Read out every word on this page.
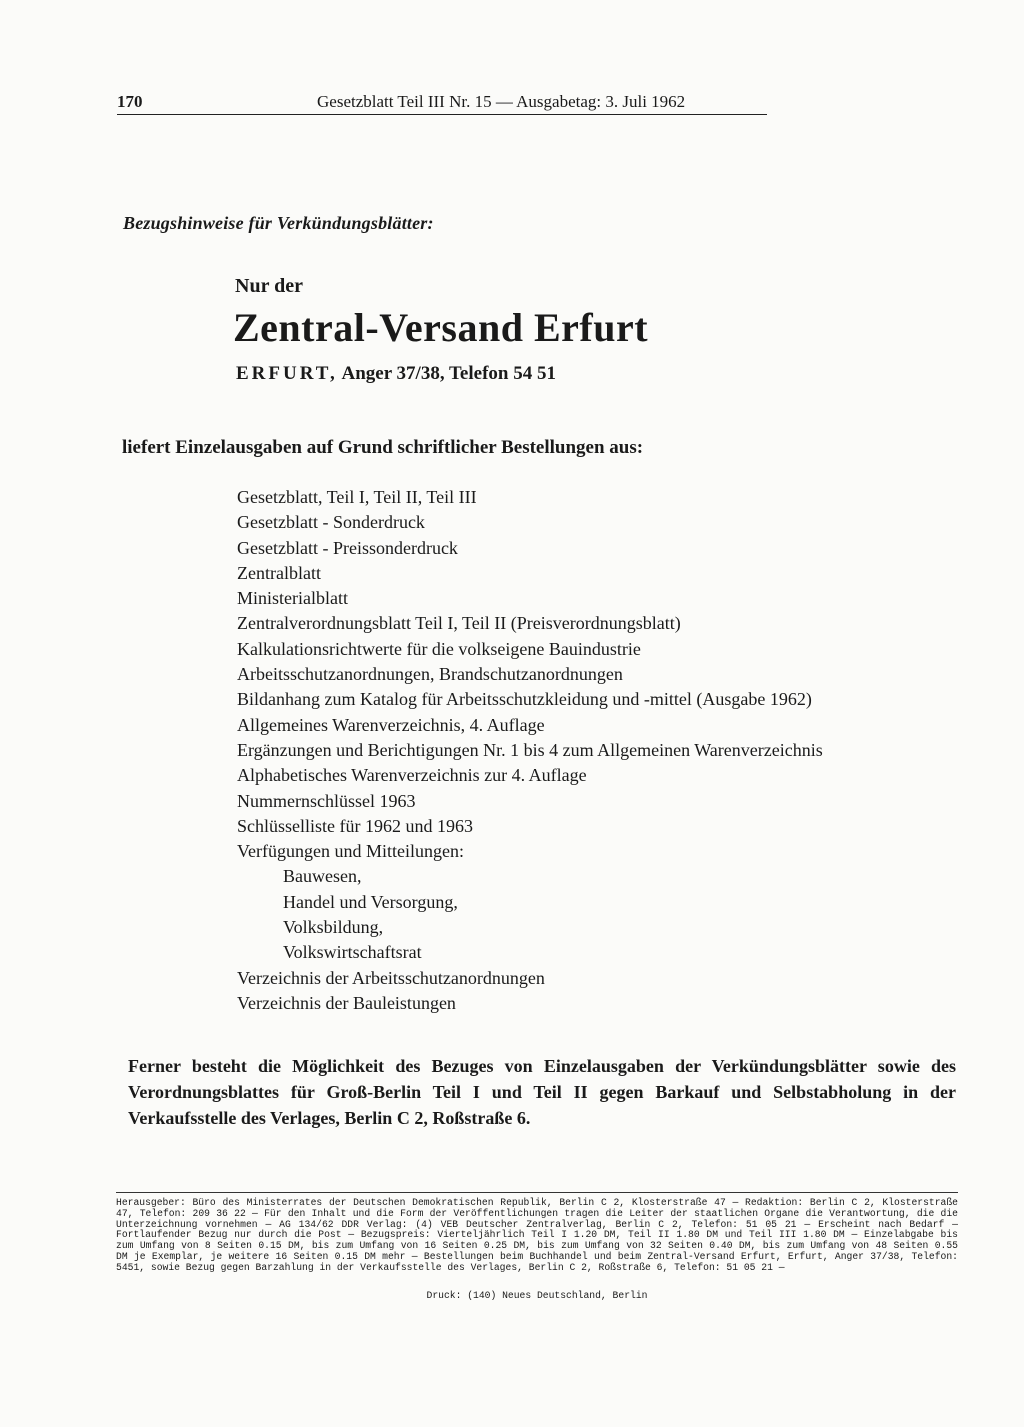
170	Gesetzblatt Teil III Nr. 15 — Ausgabetag: 3. Juli 1962
Bezugshinweise für Verkündungsblätter:
Nur der
Zentral-Versand Erfurt
ERFURT, Anger 37/38, Telefon 54 51
liefert Einzelausgaben auf Grund schriftlicher Bestellungen aus:
Gesetzblatt, Teil I, Teil II, Teil III
Gesetzblatt - Sonderdruck
Gesetzblatt - Preissonderdruck
Zentralblatt
Ministerialblatt
Zentralverordnungsblatt Teil I, Teil II (Preisverordnungsblatt)
Kalkulationsrichtwerte für die volkseigene Bauindustrie
Arbeitsschutzanordnungen, Brandschutzanordnungen
Bildanhang zum Katalog für Arbeitsschutzkleidung und -mittel (Ausgabe 1962)
Allgemeines Warenverzeichnis, 4. Auflage
Ergänzungen und Berichtigungen Nr. 1 bis 4 zum Allgemeinen Warenverzeichnis
Alphabetisches Warenverzeichnis zur 4. Auflage
Nummernschlüssel 1963
Schlüsselliste für 1962 und 1963
Verfügungen und Mitteilungen:
Bauwesen,
Handel und Versorgung,
Volksbildung,
Volkswirtschaftsrat
Verzeichnis der Arbeitsschutzanordnungen
Verzeichnis der Bauleistungen
Ferner besteht die Möglichkeit des Bezuges von Einzelausgaben der Verkündungsblätter sowie des Verordnungsblattes für Groß-Berlin Teil I und Teil II gegen Barkauf und Selbstabholung in der Verkaufsstelle des Verlages, Berlin C 2, Roßstraße 6.
Herausgeber: Büro des Ministerrates der Deutschen Demokratischen Republik, Berlin C 2, Klosterstraße 47 — Redaktion: Berlin C 2, Klosterstraße 47, Telefon: 209 36 22 — Für den Inhalt und die Form der Veröffentlichungen tragen die Leiter der staatlichen Organe die Verantwortung, die die Unterzeichnung vornehmen — AG 134/62 DDR Verlag: (4) VEB Deutscher Zentralverlag, Berlin C 2, Telefon: 51 05 21 — Erscheint nach Bedarf — Fortlaufender Bezug nur durch die Post — Bezugspreis: Vierteljährlich Teil I 1.20 DM, Teil II 1.80 DM und Teil III 1.80 DM — Einzelabgabe bis zum Umfang von 8 Seiten 0.15 DM, bis zum Umfang von 16 Seiten 0.25 DM, bis zum Umfang von 32 Seiten 0.40 DM, bis zum Umfang von 48 Seiten 0.55 DM je Exemplar, je weitere 16 Seiten 0.15 DM mehr — Bestellungen beim Buchhandel und beim Zentral-Versand Erfurt, Erfurt, Anger 37/38, Telefon: 5451, sowie Bezug gegen Barzahlung in der Verkaufsstelle des Verlages, Berlin C 2, Roßstraße 6, Telefon: 51 05 21 —
Druck: (140) Neues Deutschland, Berlin
